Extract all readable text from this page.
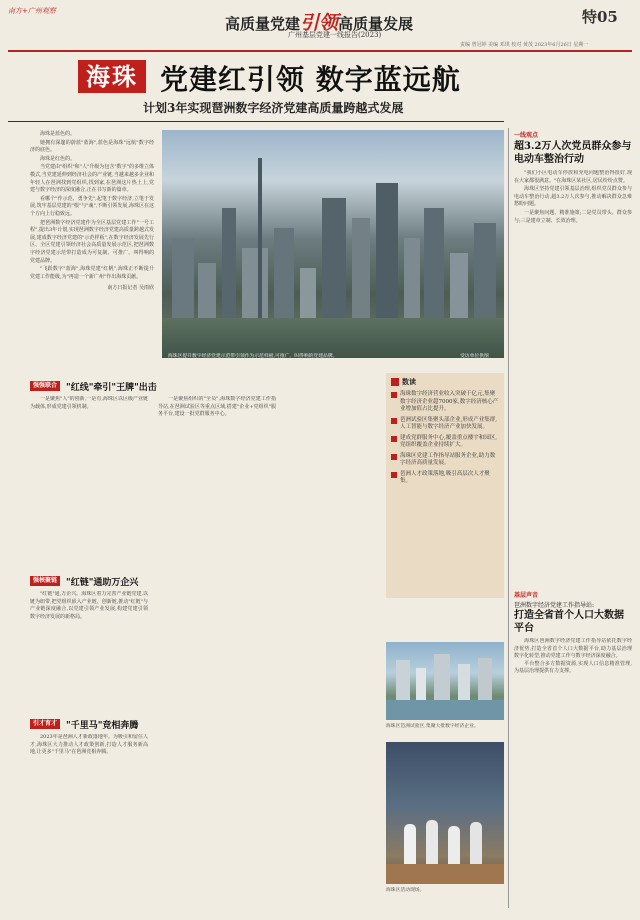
南方+广州观察
高质量党建引领高质量发展
广州基层党建一线报告(2023)
特05
责编 曾冠婷 美编 邓琪 校对 黄茂 2023年6月26日 星期一
海珠 党建红引领 数字蓝远航
计划3年实现琶洲数字经济党建高质量跨越式发展

海珠是蓝色的。

她拥有深邃的蔚蓝"蓝海",蓝色是海珠"远航"数字经济的底色。

海珠是红色的。

当党建由"组织"和"人"升级为包含"数字"的多维立体模式,当党建延伸到经济社会的产业链,当越来越多企业和年轻人在琶洲找到党组织,找到家,在琶洲这片热土上,党建与数字经济的深度融合,正在书写新的篇章。

看哪个"作示范、勇争先",起笔于数字经济,立笔于发展,筑牢基层党建的"根"与"魂",不断引领发展,海珠区在这个方向上行稳致远。

把琶洲数字经济党建作为全区基层党建工作"一号工程",提出3年计划,实现琶洲数字经济党建高质量跨越式发展,建成数字经济党建的"示范样板",在数字经济发展先行区、全区党建引领经济社会高质量发展示范区,把琶洲数字经济党建示范带打造成为可复制、可推广、叫得响的党建品牌。

"飞跃数字"蓝海",海珠党建"红帆",海珠正不断提升党建工作能级,为"再造一个新广州"作出海珠贡献。

南方日报记者 吴雨欣

海珠区提升数字经济党建示范带引领作为示范样板,可推广、叫得响的党建品牌。	受访单位供图
强强联合	"红线"牵引"王牌"出击

一是聚焦"人"的创新,一是有,海珠区以区级产业链为载体,形成党建引领机制。

一是聚焦组织的"全员",海珠数字经济党建工作指导站,在琶洲试验区等重点区域,搭建"企业+党组织"服务平台,建设一批党群服务中心。

强核聚链	"红链"通助万企兴

"红链"通,万企兴。海珠区着力完善产业链党建,以链为纽带,把党组织嵌入产业链、创新链,推动"红链"与产业链深度融合,以党建引领产业发展,构建党建引领数字经济发展的新格局。

引才育才	"千里马"竞相奔腾

2023年是琶洲人才新政落地年。为吸引和留住人才,海珠区大力推动人才政策创新,打造人才服务新高地,让更多"千里马"在琶洲竞相奔腾。

数读
海珠数字经济营业收入突破千亿元,集聚数字经济企业超7000家,数字经济核心产业增加值占比提升。
琶洲试验区集聚头部企业,形成产业集群,人工智能与数字经济产业加快发展。
建成党群服务中心,覆盖重点楼宇和园区,党组织覆盖企业持续扩大。
海珠区党建工作指导站服务企业,助力数字经济高质量发展。
琶洲人才政策落地,吸引高层次人才聚集。
海珠区琶洲试验区,集聚大批数字经济企业。
海珠区活动现场。
一线观点
超3.2万人次党员群众参与电动车整治行动

"我们小区电动车停放和充电问题整治得很好,现在大家都很满意。"在海珠区某社区,居民纷纷点赞。

海珠区坚持党建引领基层治理,组织党员群众参与电动车整治行动,超3.2万人次参与,推动解决群众急难愁盼问题。

一是聚焦问题、精准施策;二是党员带头、群众参与;三是建章立制、长效治理。

基层声音
琶洲数字经济党建工作指导站:
打造全省首个人口大数据平台

海珠区琶洲数字经济党建工作指导站依托数字经济优势,打造全省首个人口大数据平台,助力基层治理数字化转型,推动党建工作与数字经济深度融合。

平台整合多方数据资源,实现人口信息精准管理,为基层治理提供有力支撑。
